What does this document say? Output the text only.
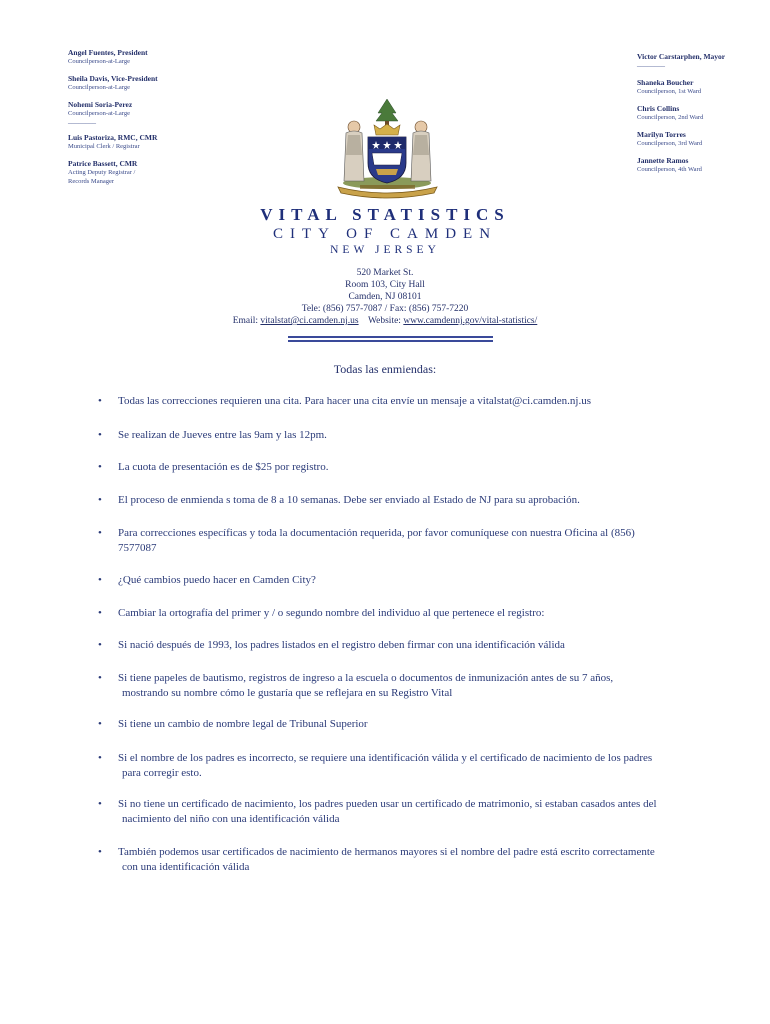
Angel Fuentes, President
Councilperson-at-Large
Sheila Davis, Vice-President
Councilperson-at-Large
Nohemi Soria-Perez
Councilperson-at-Large
________
Luis Pastoriza, RMC, CMR
Municipal Clerk / Registrar
Patrice Bassett, CMR
Acting Deputy Registrar /
Records Manager
Victor Carstarphen, Mayor
________
Shaneka Boucher
Councilperson, 1st Ward
Chris Collins
Councilperson, 2nd Ward
Marilyn Torres
Councilperson, 3rd Ward
Jannette Ramos
Councilperson, 4th Ward
VITAL STATISTICS
CITY OF CAMDEN
NEW JERSEY
520 Market St.
Room 103, City Hall
Camden, NJ 08101
Tele: (856) 757-7087 / Fax: (856) 757-7220
Email: vitalstat@ci.camden.nj.us Website: www.camdennj.gov/vital-statistics/
Todas las enmiendas:
• Todas las correcciones requieren una cita. Para hacer una cita envíe un mensaje a vitalstat@ci.camden.nj.us
• Se realizan de Jueves entre las 9am y las 12pm.
• La cuota de presentación es de $25 por registro.
• El proceso de enmienda s toma de 8 a 10 semanas. Debe ser enviado al Estado de NJ para su aprobación.
• Para correcciones específicas y toda la documentación requerida, por favor comuníquese con nuestra Oficina al (856)
7577087
• ¿Qué cambios puedo hacer en Camden City?
• Cambiar la ortografía del primer y / o segundo nombre del individuo al que pertenece el registro:
• Si nació después de 1993, los padres listados en el registro deben firmar con una identificación válida
• Si tiene papeles de bautismo, registros de ingreso a la escuela o documentos de inmunización antes de su 7 años,
mostrando su nombre cómo le gustaría que se reflejara en su Registro Vital
• Si tiene un cambio de nombre legal de Tribunal Superior
• Si el nombre de los padres es incorrecto, se requiere una identificación válida y el certificado de nacimiento de los padres
para corregir esto.
• Si no tiene un certificado de nacimiento, los padres pueden usar un certificado de matrimonio, si estaban casados antes del
nacimiento del niño con una identificación válida
• También podemos usar certificados de nacimiento de hermanos mayores si el nombre del padre está escrito correctamente
con una identificación válida
